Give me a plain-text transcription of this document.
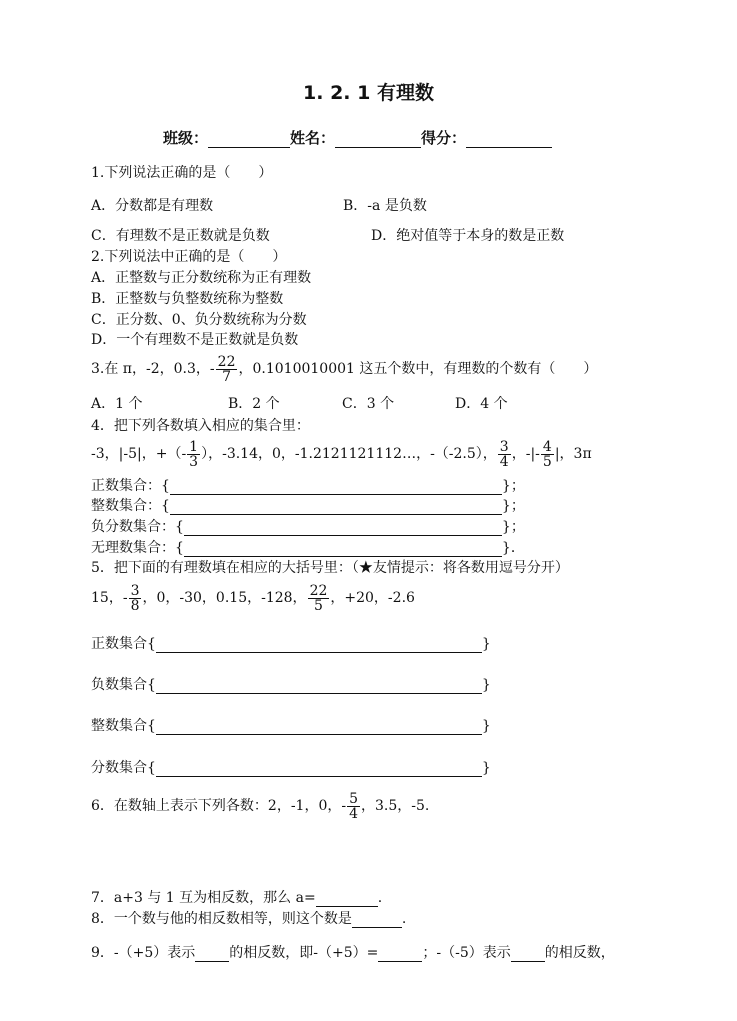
1. 2. 1 有理数
班级：	姓名：	得分：
1.下列说法正确的是（　　）
A．分数都是有理数	B．-a 是负数
C．有理数不是正数就是负数	D．绝对值等于本身的数是正数
2.下列说法中正确的是（　　）
A．正整数与正分数统称为正有理数
B．正整数与负整数统称为整数
C．正分数、0、负分数统称为分数
D．一个有理数不是正数就是负数
3.在 π，-2，0.3，- $\frac{22}{7}$ ，0.1010010001 这五个数中，有理数的个数有（　　）
A．1 个	B．2 个	C．3 个	D．4 个
4．把下列各数填入相应的集合里：
-3，|-5|，+（- $\frac{1}{3}$ ），-3.14，0，-1.2121121112…，-（-2.5）， $\frac{3}{4}$ ，-|- $\frac{4}{5}$ |，3π
正数集合：{	}；
整数集合：{	}；
负分数集合：{	}；
无理数集合：{	}．
5．把下面的有理数填在相应的大括号里：（★友情提示：将各数用逗号分开）
15，- $\frac{3}{8}$ ，0，-30，0.15，-128， $\frac{22}{5}$ ，+20，-2.6
正数集合{	}
负数集合{	}
整数集合{	}
分数集合{	}
6．在数轴上表示下列各数：2，-1，0，- $\frac{5}{4}$ ，3.5，-5.
7．a+3 与 1 互为相反数，那么 a=	.
8．一个数与他的相反数相等，则这个数是	.
9．-（+5）表示 的相反数，即-（+5）=	；-（-5）表示 的相反数，
